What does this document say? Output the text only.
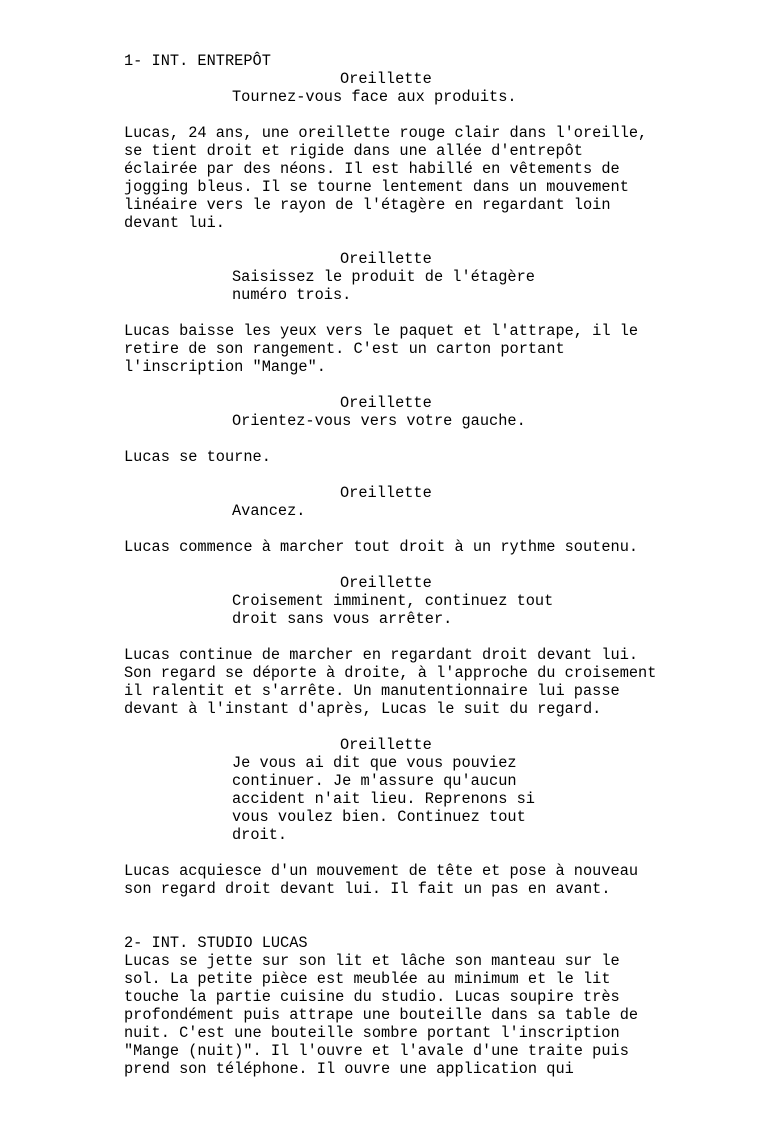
1- INT. ENTREPÔT
Oreillette
Tournez-vous face aux produits.
Lucas, 24 ans, une oreillette rouge clair dans l'oreille,
se tient droit et rigide dans une allée d'entrepôt
éclairée par des néons. Il est habillé en vêtements de
jogging bleus. Il se tourne lentement dans un mouvement
linéaire vers le rayon de l'étagère en regardant loin
devant lui.
Oreillette
Saisissez le produit de l'étagère
numéro trois.
Lucas baisse les yeux vers le paquet et l'attrape, il le
retire de son rangement. C'est un carton portant
l'inscription "Mange".
Oreillette
Orientez-vous vers votre gauche.
Lucas se tourne.
Oreillette
Avancez.
Lucas commence à marcher tout droit à un rythme soutenu.
Oreillette
Croisement imminent, continuez tout
droit sans vous arrêter.
Lucas continue de marcher en regardant droit devant lui.
Son regard se déporte à droite, à l'approche du croisement
il ralentit et s'arrête. Un manutentionnaire lui passe
devant à l'instant d'après, Lucas le suit du regard.
Oreillette
Je vous ai dit que vous pouviez
continuer. Je m'assure qu'aucun
accident n'ait lieu. Reprenons si
vous voulez bien. Continuez tout
droit.
Lucas acquiesce d'un mouvement de tête et pose à nouveau
son regard droit devant lui. Il fait un pas en avant.
2- INT. STUDIO LUCAS
Lucas se jette sur son lit et lâche son manteau sur le
sol. La petite pièce est meublée au minimum et le lit
touche la partie cuisine du studio. Lucas soupire très
profondément puis attrape une bouteille dans sa table de
nuit. C'est une bouteille sombre portant l'inscription
"Mange (nuit)". Il l'ouvre et l'avale d'une traite puis
prend son téléphone. Il ouvre une application qui
